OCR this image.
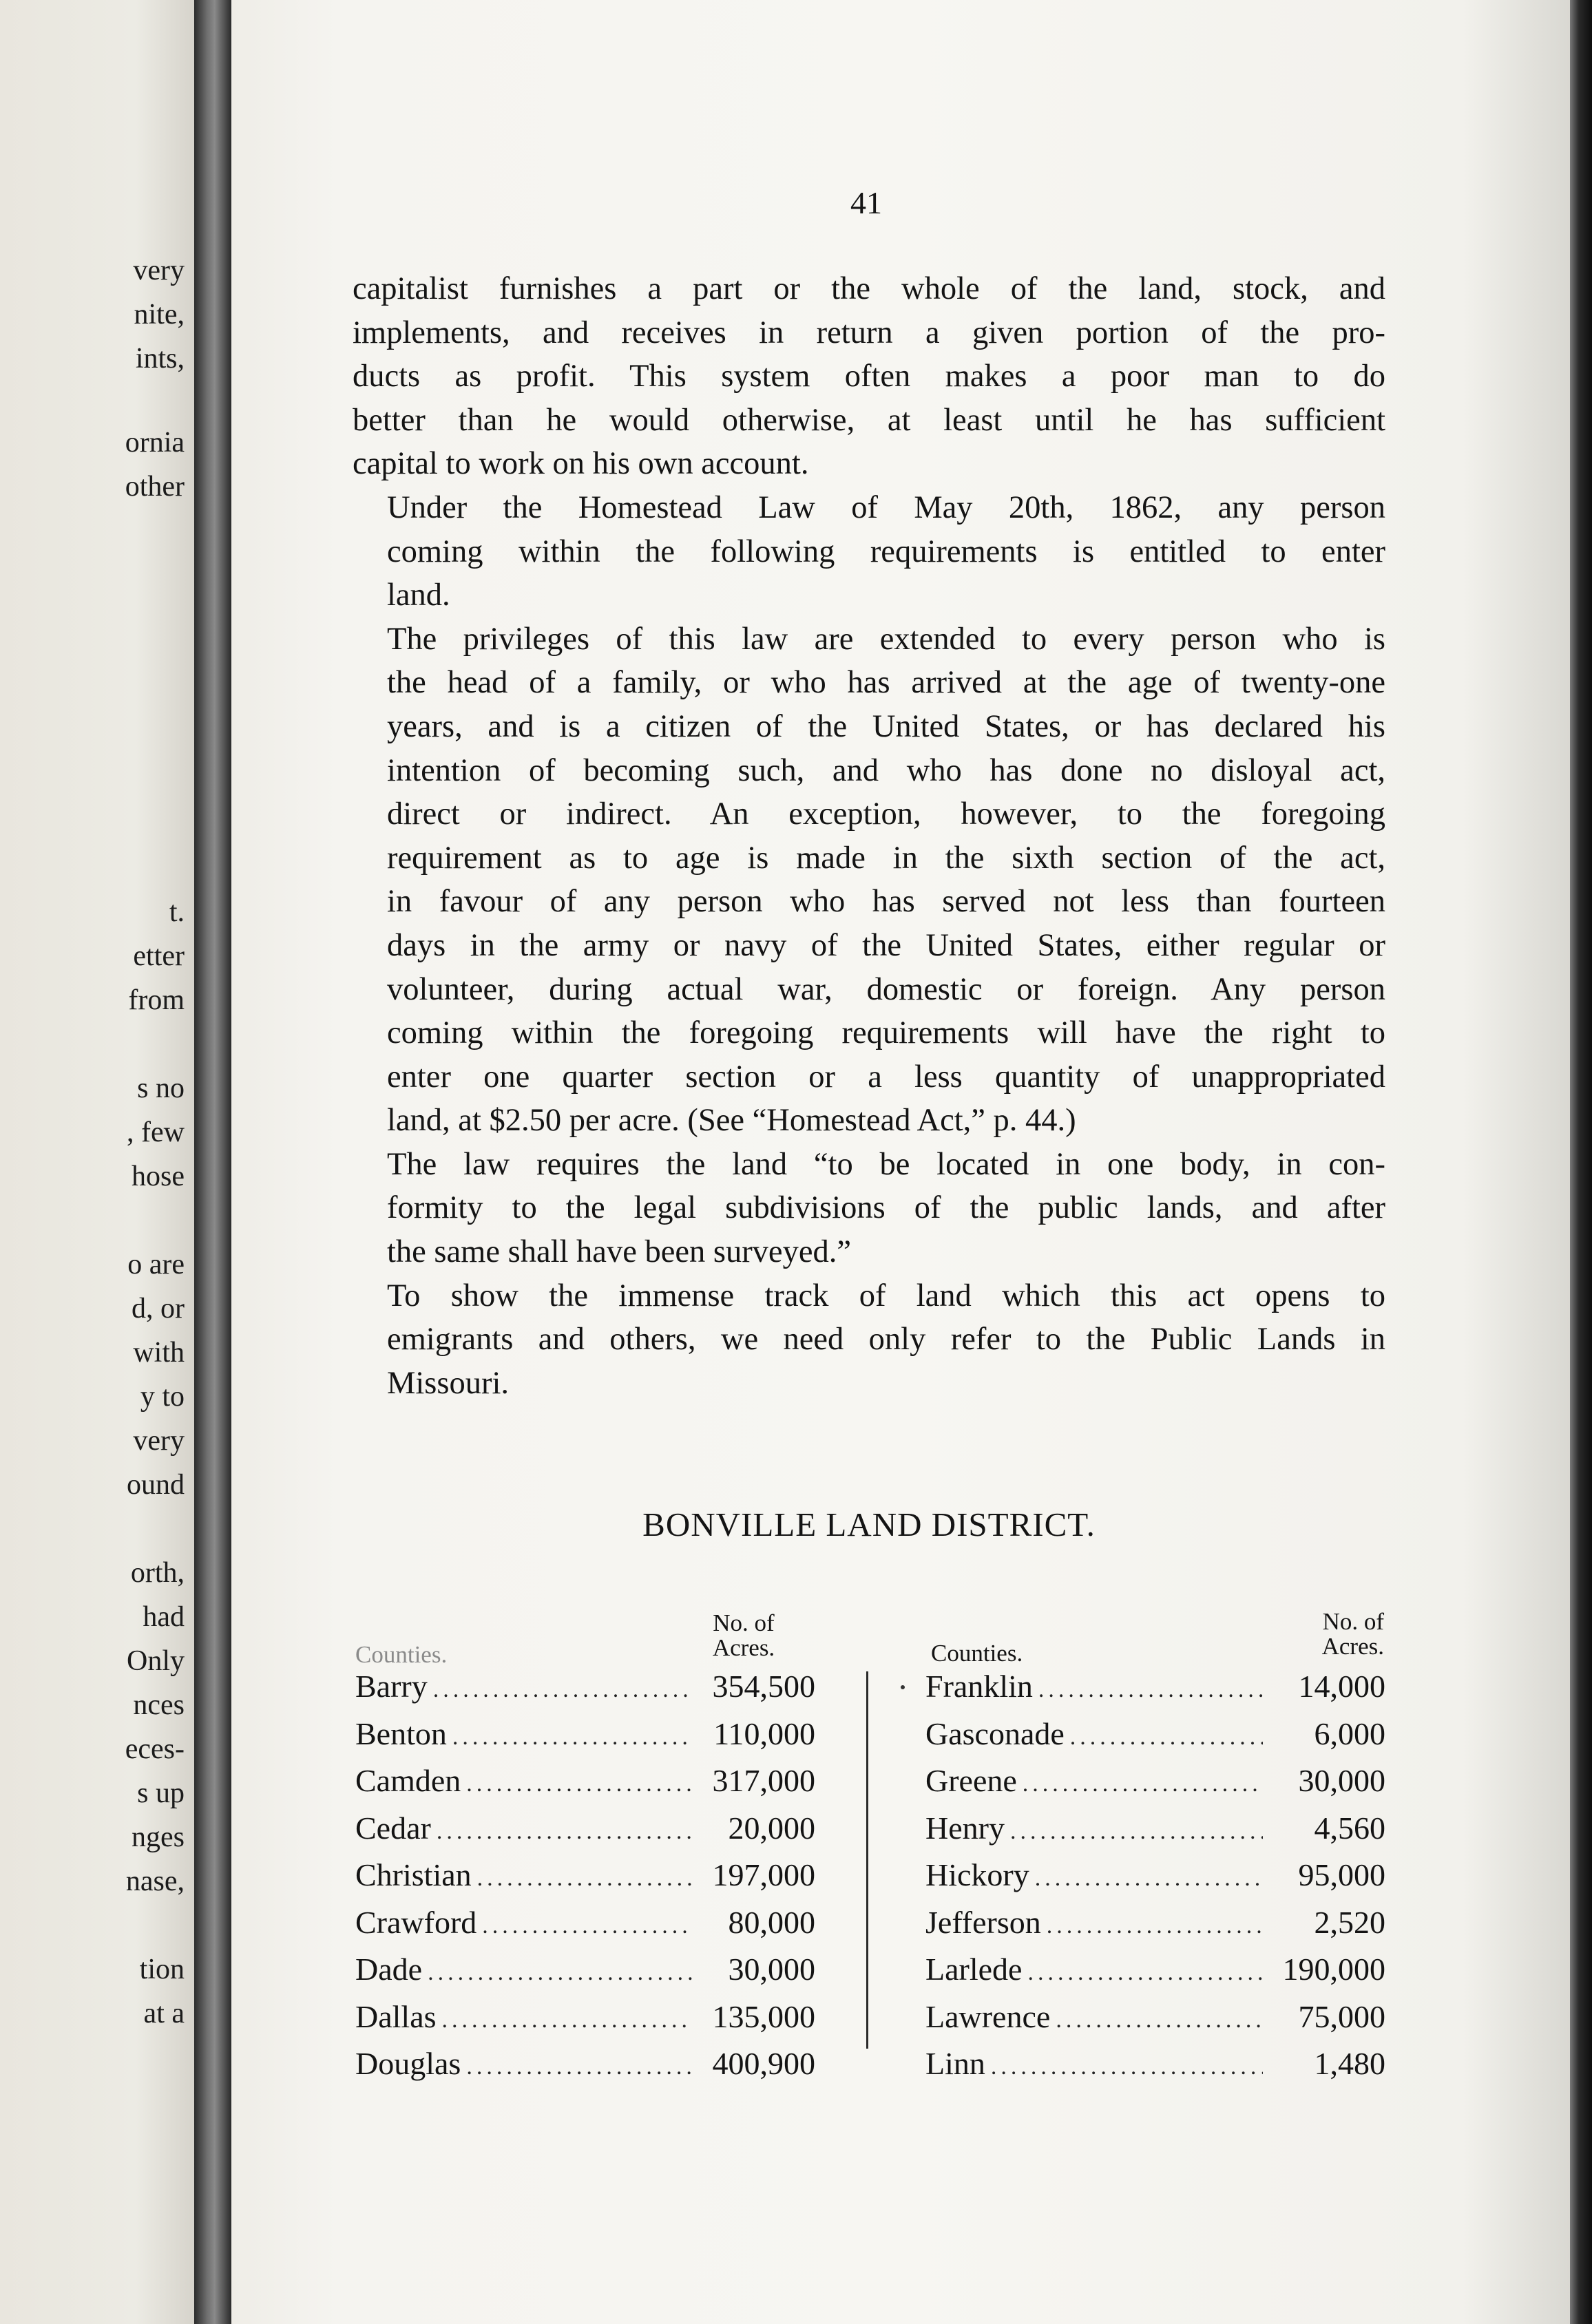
very
nite,
ints,
ornia
other
t.
etter
from
s no
, few
hose
o are
d, or
with
y to
very
ound
orth,
had
Only
nces
eces-
s up
nges
nase,
tion
at a
41
capitalist furnishes a part or the whole of the land, stock, and
implements, and receives in return a given portion of the pro-
ducts as profit. This system often makes a poor man to do
better than he would otherwise, at least until he has sufficient
capital to work on his own account.
Under the Homestead Law of May 20th, 1862, any person
coming within the following requirements is entitled to enter
land.
The privileges of this law are extended to every person who is
the head of a family, or who has arrived at the age of twenty-one
years, and is a citizen of the United States, or has declared his
intention of becoming such, and who has done no disloyal act,
direct or indirect. An exception, however, to the foregoing
requirement as to age is made in the sixth section of the act,
in favour of any person who has served not less than fourteen
days in the army or navy of the United States, either regular or
volunteer, during actual war, domestic or foreign. Any person
coming within the foregoing requirements will have the right to
enter one quarter section or a less quantity of unappropriated
land, at $2.50 per acre. (See “Homestead Act,” p. 44.)
The law requires the land “to be located in one body, in con-
formity to the legal subdivisions of the public lands, and after
the same shall have been surveyed.”
To show the immense track of land which this act opens to
emigrants and others, we need only refer to the Public Lands in
Missouri.
BONVILLE LAND DISTRICT.
Counties.
No. of
Acres.	Counties.
No. of
Acres.
Barry .....	354,500
Benton .....	110,000
Camden .....	317,000
Cedar .....	20,000
Christian .....	197,000
Crawford .....	80,000
Dade .....	30,000
Dallas .....	135,000
Douglas .....	400,900
Franklin .....	14,000
Gasconade .....	6,000
Greene .....	30,000
Henry .....	4,560
Hickory .....	95,000
Jefferson .....	2,520
Larlede .....	190,000
Lawrence .....	75,000
Linn .....	1,480
